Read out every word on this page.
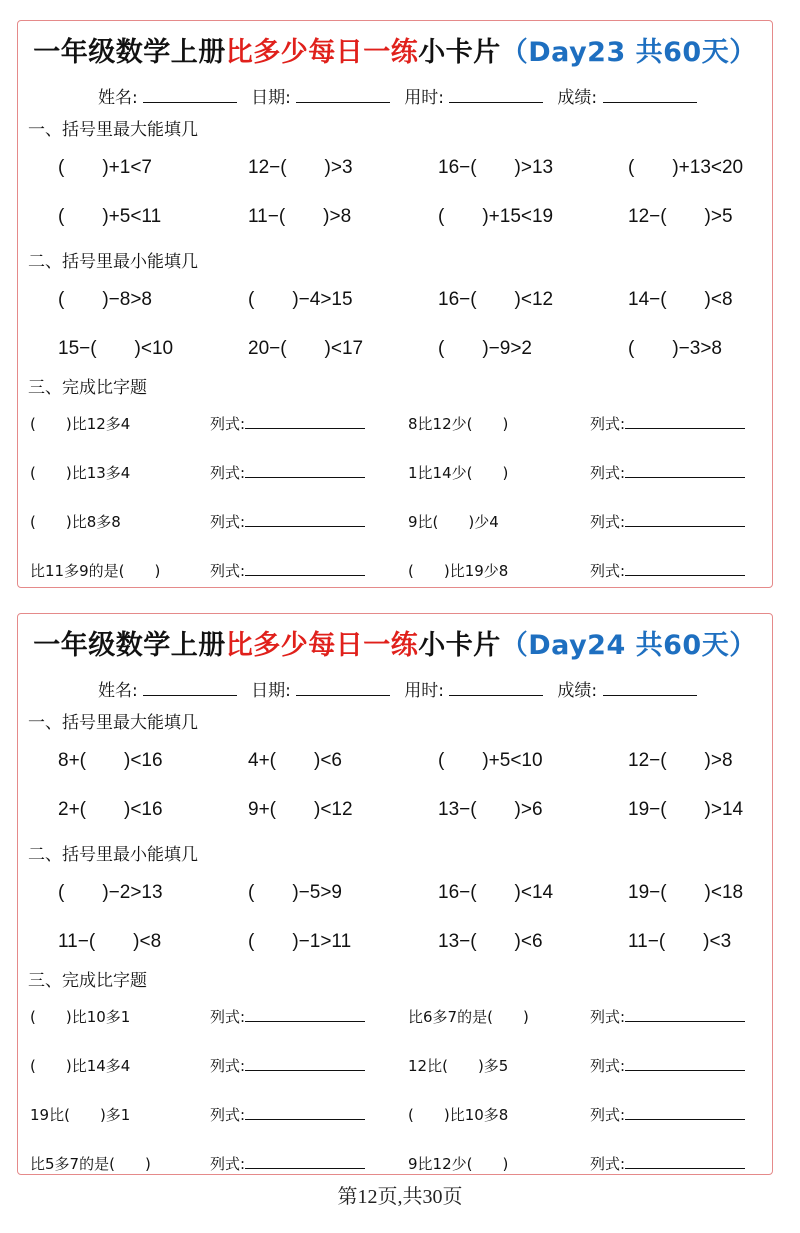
一年级数学上册 比多少每日一练 小卡片 （Day23 共60天）
姓名:	日期:	用时:	成绩:
一、括号里最大能填几
(　　)+1<7	12−(　　)>3	16−(　　)>13	(　　)+13<20
(　　)+5<11	11−(　　)>8	(　　)+15<19	12−(　　)>5
二、括号里最小能填几
(　　)−8>8	(　　)−4>15	16−(　　)<12	14−(　　)<8
15−(　　)<10	20−(　　)<17	(　　)−9>2	(　　)−3>8
三、完成比字题
(　　)比12多4	列式:	8比12少(　　)	列式:
(　　)比13多4	列式:	1比14少(　　)	列式:
(　　)比8多8	列式:	9比(　　)少4	列式:
比11多9的是(　　)	列式:	(　　)比19少8	列式:
一年级数学上册 比多少每日一练 小卡片 （Day24 共60天）
姓名:	日期:	用时:	成绩:
一、括号里最大能填几
8+(　　)<16	4+(　　)<6	(　　)+5<10	12−(　　)>8
2+(　　)<16	9+(　　)<12	13−(　　)>6	19−(　　)>14
二、括号里最小能填几
(　　)−2>13	(　　)−5>9	16−(　　)<14	19−(　　)<18
11−(　　)<8	(　　)−1>11	13−(　　)<6	11−(　　)<3
三、完成比字题
(　　)比10多1	列式:	比6多7的是(　　)	列式:
(　　)比14多4	列式:	12比(　　)多5	列式:
19比(　　)多1	列式:	(　　)比10多8	列式:
比5多7的是(　　)	列式:	9比12少(　　)	列式:
第12页,共30页
